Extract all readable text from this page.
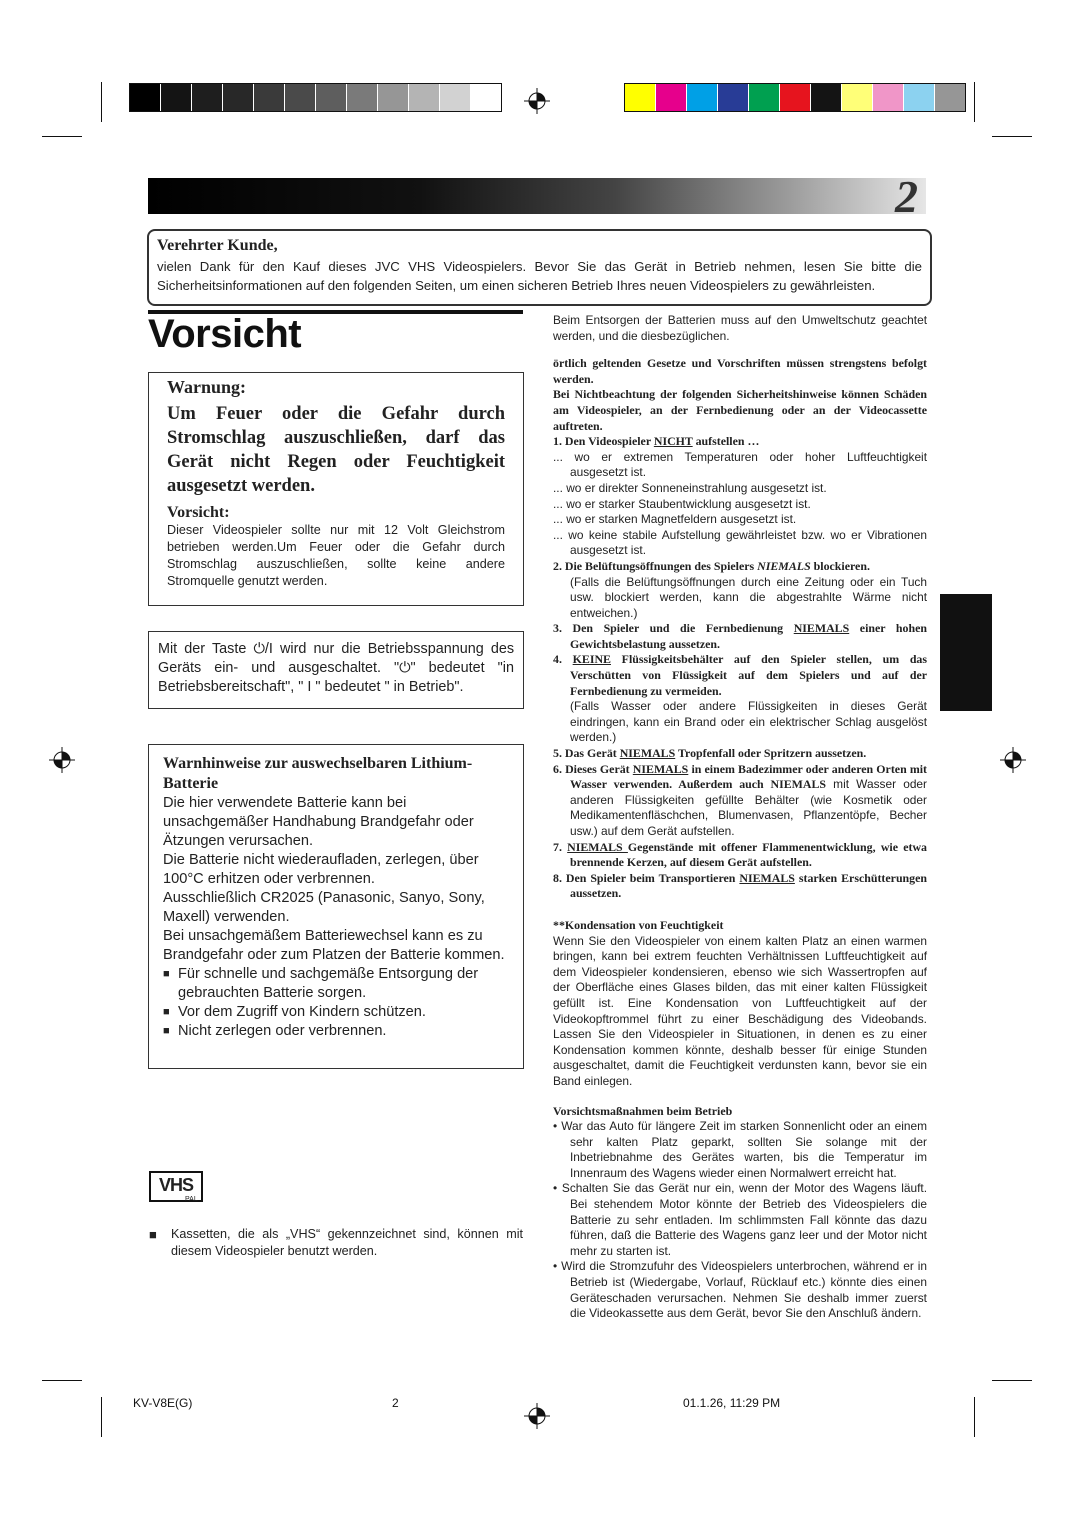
2
Verehrter Kunde,

vielen Dank für den Kauf dieses JVC VHS Videospielers. Bevor Sie das Gerät in Betrieb nehmen, lesen Sie bitte die Sicherheitsinformationen auf den folgenden Seiten, um einen sicheren Betrieb Ihres neuen Videospielers zu gewährleisten.

Vorsicht
Warnung:
Um Feuer oder die Gefahr durch Stromschlag auszuschließen, darf das Gerät nicht Regen oder Feuchtigkeit ausgesetzt werden.
Vorsicht:

Dieser Videospieler sollte nur mit 12 Volt Gleichstrom betrieben werden.Um Feuer oder die Gefahr durch Stromschlag auszuschließen, sollte keine andere Stromquelle genutzt werden.

Mit der Taste ⏻/I wird nur die Betriebsspannung des Geräts ein- und ausgeschaltet. "⏻" bedeutet "in Betriebsbereitschaft", " I " bedeutet " in Betrieb".
Warnhinweise zur auswechselbaren Lithium-Batterie

Die hier verwendete Batterie kann bei unsachgemäßer Handhabung Brandgefahr oder Ätzungen verursachen.

Die Batterie nicht wiederaufladen, zerlegen, über 100°C erhitzen oder verbrennen.

Ausschließlich CR2025 (Panasonic, Sanyo, Sony, Maxell) verwenden.

Bei unsachgemäßem Batteriewechsel kann es zu Brandgefahr oder zum Platzen der Batterie kommen.

■ Für schnelle und sachgemäße Entsorgung der gebrauchten Batterie sorgen.
■ Vor dem Zugriff von Kindern schützen.
■ Nicht zerlegen oder verbrennen.
VHS
PAL
■ Kassetten, die als „VHS“ gekennzeichnet sind, können mit diesem Videospieler benutzt werden.

Beim Entsorgen der Batterien muss auf den Umweltschutz geachtet werden, und die diesbezüglichen.

örtlich geltenden Gesetze und Vorschriften müssen strengstens befolgt werden.

Bei Nichtbeachtung der folgenden Sicherheitshinweise können Schäden am Videospieler, an der Fernbedienung oder an der Videocassette auftreten.

1. Den Videospieler NICHT aufstellen …

... wo er extremen Temperaturen oder hoher Luftfeuchtigkeit ausgesetzt ist.

... wo er direkter Sonneneinstrahlung ausgesetzt ist.

... wo er starker Staubentwicklung ausgesetzt ist.

... wo er starken Magnetfeldern ausgesetzt ist.

... wo keine stabile Aufstellung gewährleistet bzw. wo er Vibrationen ausgesetzt ist.

2. Die Belüftungsöffnungen des Spielers NIEMALS blockieren.

(Falls die Belüftungsöffnungen durch eine Zeitung oder ein Tuch usw. blockiert werden, kann die abgestrahlte Wärme nicht entweichen.)

3. Den Spieler und die Fernbedienung NIEMALS einer hohen Gewichtsbelastung aussetzen.

4. KEINE Flüssigkeitsbehälter auf den Spieler stellen, um das Verschütten von Flüssigkeit auf dem Spielers und auf der Fernbedienung zu vermeiden.

(Falls Wasser oder andere Flüssigkeiten in dieses Gerät eindringen, kann ein Brand oder ein elektrischer Schlag ausgelöst werden.)

5. Das Gerät NIEMALS Tropfenfall oder Spritzern aussetzen.

6. Dieses Gerät NIEMALS in einem Badezimmer oder anderen Orten mit Wasser verwenden. Außerdem auch NIEMALS mit Wasser oder anderen Flüssigkeiten gefüllte Behälter (wie Kosmetik oder Medikamentenfläschchen, Blumenvasen, Pflanzentöpfe, Becher usw.) auf dem Gerät aufstellen.

7. NIEMALS Gegenstände mit offener Flammenentwicklung, wie etwa brennende Kerzen, auf diesem Gerät aufstellen.

8. Den Spieler beim Transportieren NIEMALS starken Erschütterungen aussetzen.

**Kondensation von Feuchtigkeit

Wenn Sie den Videospieler von einem kalten Platz an einen warmen bringen, kann bei extrem feuchten Verhältnissen Luftfeuchtigkeit auf dem Videospieler kondensieren, ebenso wie sich Wassertropfen auf der Oberfläche eines Glases bilden, das mit einer kalten Flüssigkeit gefüllt ist. Eine Kondensation von Luftfeuchtigkeit auf der Videokopftrommel führt zu einer Beschädigung des Videobands. Lassen Sie den Videospieler in Situationen, in denen es zu einer Kondensation kommen könnte, deshalb besser für einige Stunden ausgeschaltet, damit die Feuchtigkeit verdunsten kann, bevor sie ein Band einlegen.

Vorsichtsmaßnahmen beim Betrieb

• War das Auto für längere Zeit im starken Sonnenlicht oder an einem sehr kalten Platz geparkt, sollten Sie solange mit der Inbetriebnahme des Gerätes warten, bis die Temperatur im Innenraum des Wagens wieder einen Normalwert erreicht hat.

• Schalten Sie das Gerät nur ein, wenn der Motor des Wagens läuft. Bei stehendem Motor könnte der Betrieb des Videospielers die Batterie zu sehr entladen. Im schlimmsten Fall könnte das dazu führen, daß die Batterie des Wagens ganz leer und der Motor nicht mehr zu starten ist.

• Wird die Stromzufuhr des Videospielers unterbrochen, während er in Betrieb ist (Wiedergabe, Vorlauf, Rücklauf etc.) könnte dies einen Geräteschaden verursachen. Nehmen Sie deshalb immer zuerst die Videokassette aus dem Gerät, bevor Sie den Anschluß ändern.

KV-V8E(G)	2	01.1.26, 11:29 PM
